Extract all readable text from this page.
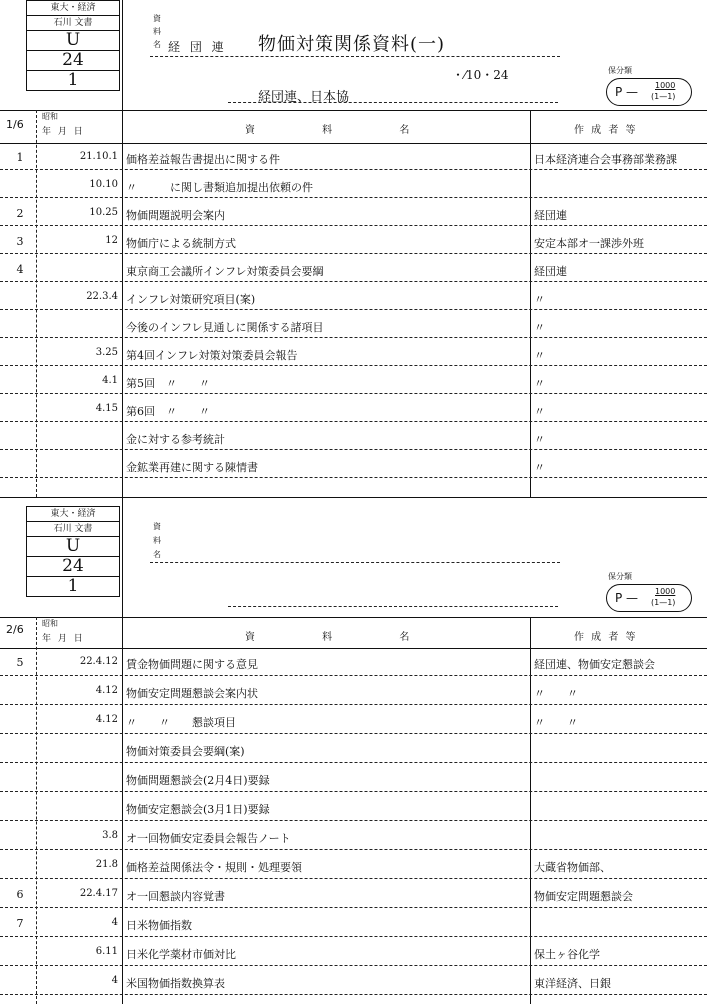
東大・経済
石川 文書
U
24
1
資
料
名 経 団 連 物価対策関係資料(一)
経団連、日本協
・⁄10・24	保分類
P — 1000
(1—1)
1/6
昭和
年 月 日	資 料 名	作 成 者 等
1	21.10.1 価格差益報告書提出に関する件	日本経済連合会事務部業務課
10.10 〃　　　に関し書類追加提出依頼の件
2	10.25 物価問題説明会案内	経団連
3	12 物価庁による統制方式	安定本部オ一課渉外班
4	東京商工会議所インフレ対策委員会要綱	経団連
22.3.4 インフレ対策研究項目(案)	〃
今後のインフレ見通しに関係する諸項目	〃
3.25 第4回インフレ対策対策委員会報告	〃
4.1 第5回　〃　　〃	〃
4.15 第6回　〃　　〃	〃
金に対する参考統計	〃
金鉱業再建に関する陳情書	〃
東大・経済
石川 文書
U
24
1
資
料
名
保分類
P — 1000
(1—1)
2/6 昭和
年 月 日	資 料 名	作 成 者 等
5	22.4.12 賃金物価問題に関する意見	経団連、物価安定懇談会
4.12 物価安定問題懇談会案内状	〃　　〃
4.12 〃　　〃　　懇談項目	〃　　〃
物価対策委員会要綱(案)
物価問題懇談会(2月4日)要録
物価安定懇談会(3月1日)要録
3.8 オ一回物価安定委員会報告ノート
21.8 価格差益関係法令・規則・処理要領	大蔵省物価部、
6	22.4.17 オ一回懇談内容覚書	物価安定問題懇談会
7	4 日米物価指数
6.11 日米化学薬材市価対比	保土ヶ谷化学
4 米国物価指数換算表	東洋経済、日銀
